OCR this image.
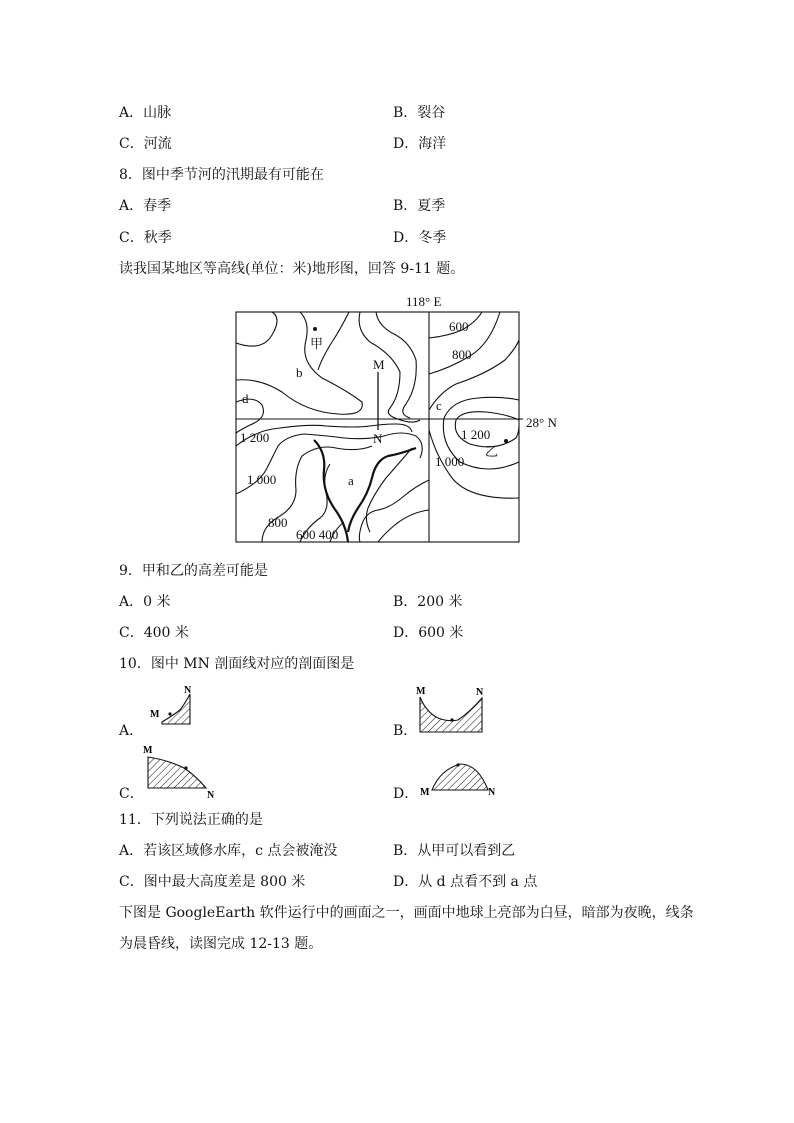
A．山脉	B．裂谷
C．河流	D．海洋
8．图中季节河的汛期最有可能在
A．春季	B．夏季
C．秋季	D．冬季
读我国某地区等高线(单位：米)地形图，回答 9-11 题。
118° E
28° N
600
800
1 200	1 200
1 000
1 000
800
600 400
甲
乙
a
b
c
d
M
N
9．甲和乙的高差可能是
A．0 米	B．200 米
C．400 米	D．600 米
10．图中 MN 剖面线对应的剖面图是
M
N	M	N
M
N	M	N
A．	B．
C．	D．
11．下列说法正确的是
A．若该区域修水库，c 点会被淹没	B．从甲可以看到乙
C．图中最大高度差是 800 米	D．从 d 点看不到 a 点
下图是 GoogleEarth 软件运行中的画面之一，画面中地球上亮部为白昼，暗部为夜晚，线条
为晨昏线，读图完成 12-13 题。
